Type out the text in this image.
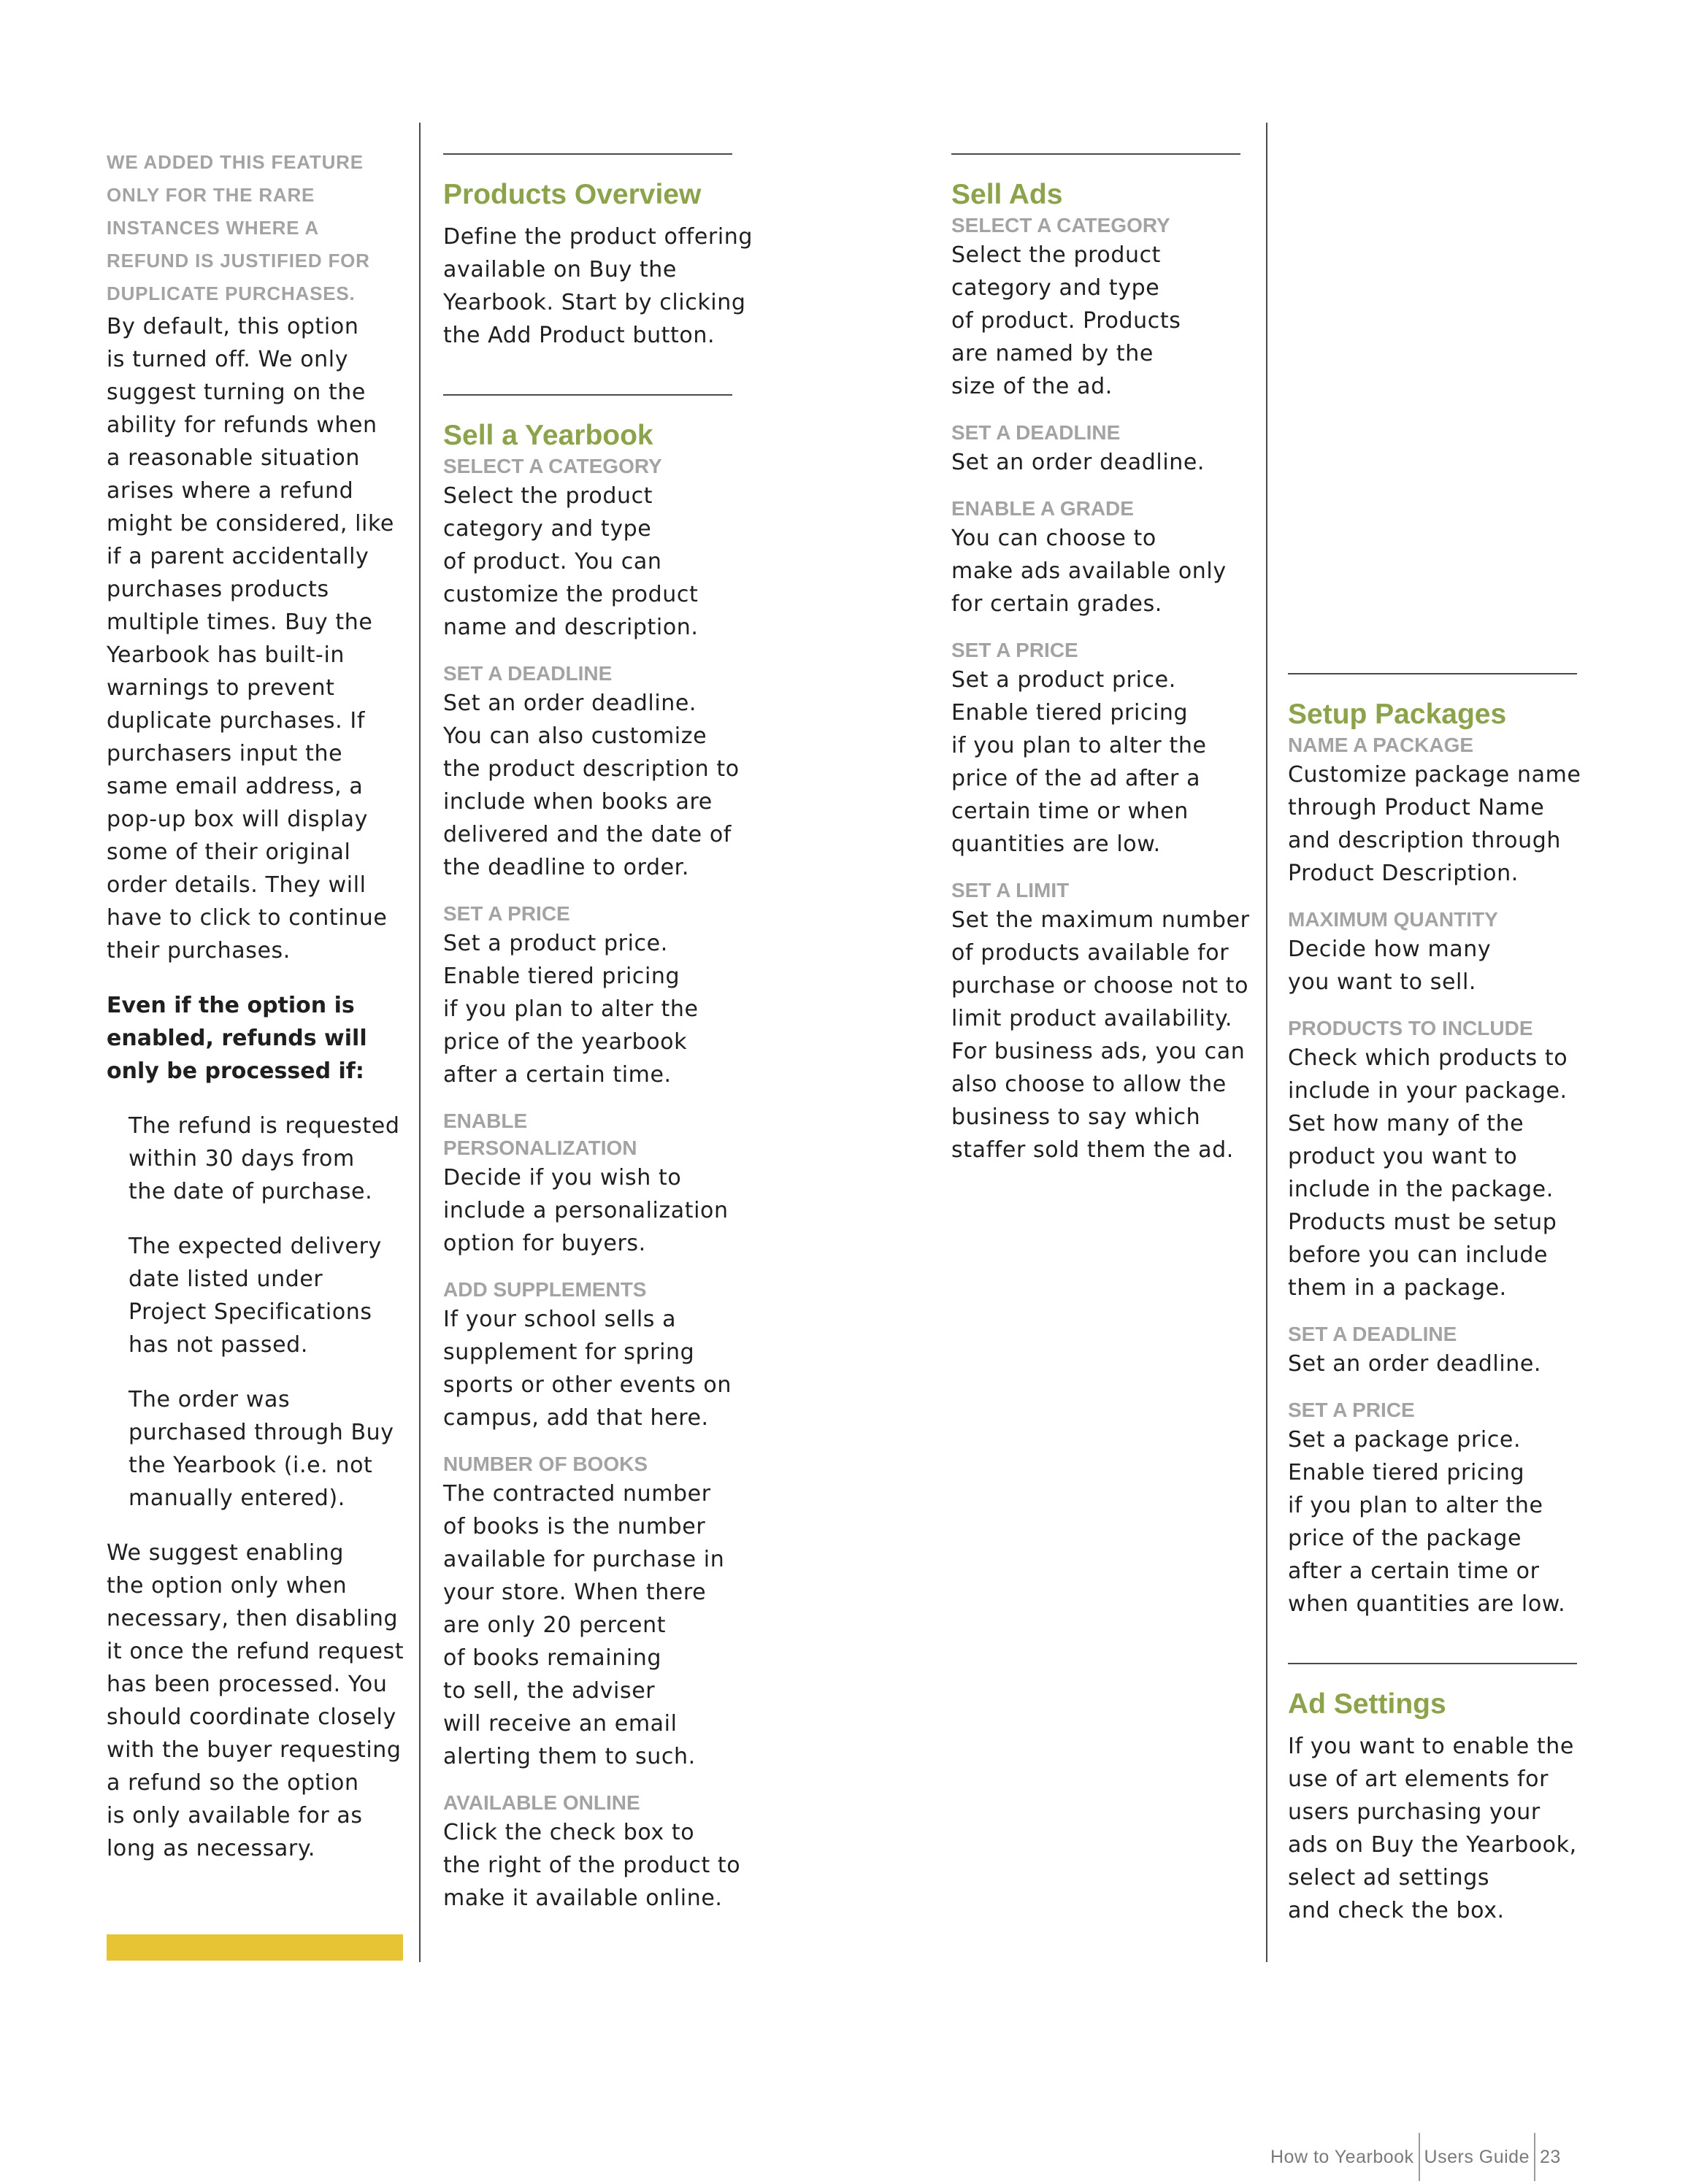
WE ADDED THIS FEATURE
ONLY FOR THE RARE
INSTANCES WHERE A
REFUND IS JUSTIFIED FOR
DUPLICATE PURCHASES.

By default, this option
is turned off. We only
suggest turning on the
ability for refunds when
a reasonable situation
arises where a refund
might be considered, like
if a parent accidentally
purchases products
multiple times. Buy the
Yearbook has built-in
warnings to prevent
duplicate purchases. If
purchasers input the
same email address, a
pop-up box will display
some of their original
order details. They will
have to click to continue
their purchases.

Even if the option is
enabled, refunds will
only be processed if:

The refund is requested
within 30 days from
the date of purchase.

The expected delivery
date listed under
Project Specifications
has not passed.

The order was
purchased through Buy
the Yearbook (i.e. not
manually entered).

We suggest enabling
the option only when
necessary, then disabling
it once the refund request
has been processed. You
should coordinate closely
with the buyer requesting
a refund so the option
is only available for as
long as necessary.

Products Overview

Define the product offering
available on Buy the
Yearbook. Start by clicking
the Add Product button.

Sell a Yearbook

SELECT A CATEGORY

Select the product
category and type
of product. You can
customize the product
name and description.

SET A DEADLINE

Set an order deadline.
You can also customize
the product description to
include when books are
delivered and the date of
the deadline to order.

SET A PRICE

Set a product price.
Enable tiered pricing
if you plan to alter the
price of the yearbook
after a certain time.

ENABLE
PERSONALIZATION

Decide if you wish to
include a personalization
option for buyers.

ADD SUPPLEMENTS

If your school sells a
supplement for spring
sports or other events on
campus, add that here.

NUMBER OF BOOKS

The contracted number
of books is the number
available for purchase in
your store. When there
are only 20 percent
of books remaining
to sell, the adviser
will receive an email
alerting them to such.

AVAILABLE ONLINE

Click the check box to
the right of the product to
make it available online.

Sell Ads

SELECT A CATEGORY

Select the product
category and type
of product. Products
are named by the
size of the ad.

SET A DEADLINE

Set an order deadline.

ENABLE A GRADE

You can choose to
make ads available only
for certain grades.

SET A PRICE

Set a product price.
Enable tiered pricing
if you plan to alter the
price of the ad after a
certain time or when
quantities are low.

SET A LIMIT

Set the maximum number
of products available for
purchase or choose not to
limit product availability.
For business ads, you can
also choose to allow the
business to say which
staffer sold them the ad.

Setup Packages

NAME A PACKAGE

Customize package name
through Product Name
and description through
Product Description.

MAXIMUM QUANTITY

Decide how many
you want to sell.

PRODUCTS TO INCLUDE

Check which products to
include in your package.
Set how many of the
product you want to
include in the package.
Products must be setup
before you can include
them in a package.

SET A DEADLINE

Set an order deadline.

SET A PRICE

Set a package price.
Enable tiered pricing
if you plan to alter the
price of the package
after a certain time or
when quantities are low.

Ad Settings

If you want to enable the
use of art elements for
users purchasing your
ads on Buy the Yearbook,
select ad settings
and check the box.

How to Yearbook Users Guide 23
